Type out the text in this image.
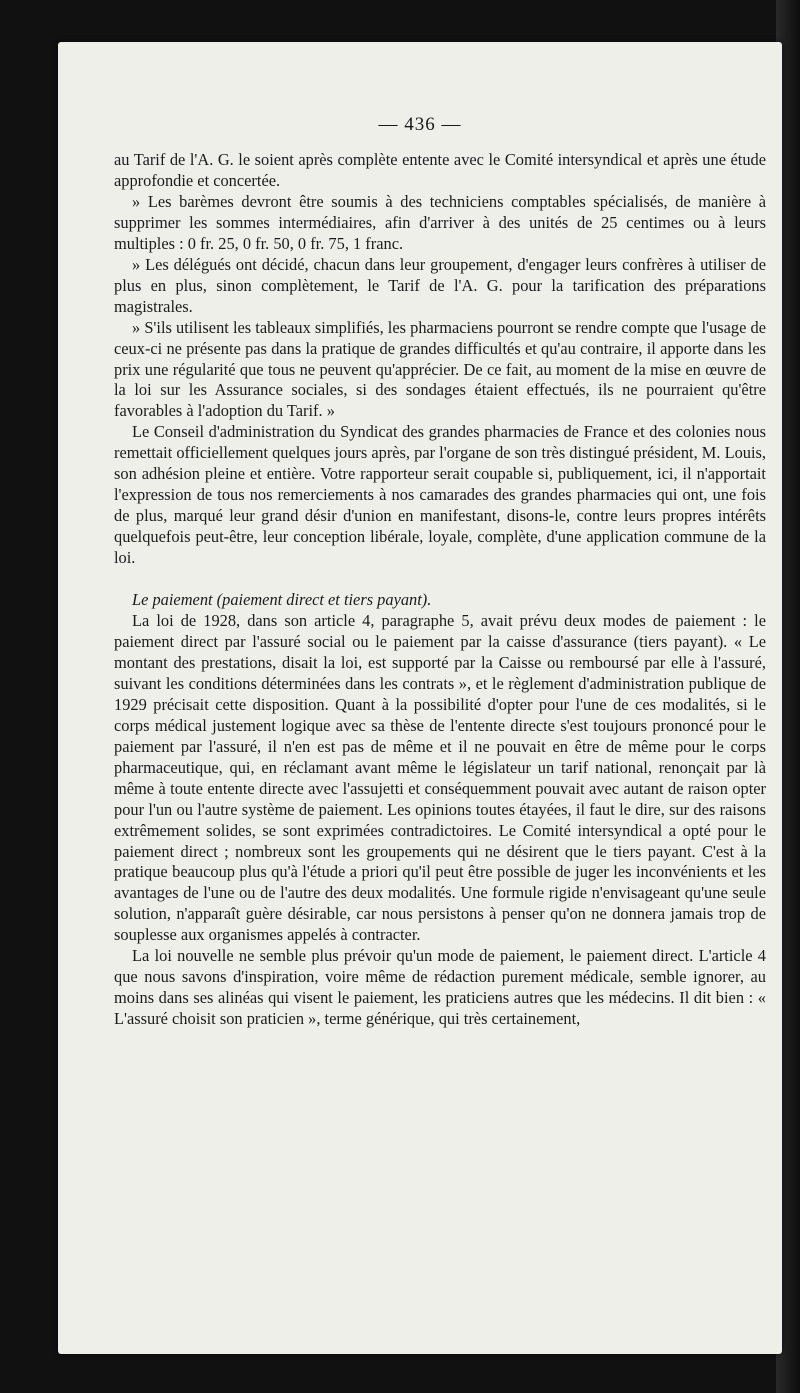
— 436 —

au Tarif de l'A. G. le soient après complète entente avec le Comité intersyndical et après une étude approfondie et concertée.

» Les barèmes devront être soumis à des techniciens comptables spécialisés, de manière à supprimer les sommes intermédiaires, afin d'arriver à des unités de 25 centimes ou à leurs multiples : 0 fr. 25, 0 fr. 50, 0 fr. 75, 1 franc.

» Les délégués ont décidé, chacun dans leur groupement, d'engager leurs confrères à utiliser de plus en plus, sinon complètement, le Tarif de l'A. G. pour la tarification des préparations magistrales.

» S'ils utilisent les tableaux simplifiés, les pharmaciens pourront se rendre compte que l'usage de ceux-ci ne présente pas dans la pratique de grandes difficultés et qu'au contraire, il apporte dans les prix une régularité que tous ne peuvent qu'apprécier. De ce fait, au moment de la mise en œuvre de la loi sur les Assurance sociales, si des sondages étaient effectués, ils ne pourraient qu'être favorables à l'adoption du Tarif. »

Le Conseil d'administration du Syndicat des grandes pharmacies de France et des colonies nous remettait officiellement quelques jours après, par l'organe de son très distingué président, M. Louis, son adhésion pleine et entière. Votre rapporteur serait coupable si, publiquement, ici, il n'apportait l'expression de tous nos remerciements à nos camarades des grandes pharmacies qui ont, une fois de plus, marqué leur grand désir d'union en manifestant, disons-le, contre leurs propres intérêts quelquefois peut-être, leur conception libérale, loyale, complète, d'une application commune de la loi.

Le paiement (paiement direct et tiers payant).

La loi de 1928, dans son article 4, paragraphe 5, avait prévu deux modes de paiement : le paiement direct par l'assuré social ou le paiement par la caisse d'assurance (tiers payant). « Le montant des prestations, disait la loi, est supporté par la Caisse ou remboursé par elle à l'assuré, suivant les conditions déterminées dans les contrats », et le règlement d'administration publique de 1929 précisait cette disposition. Quant à la possibilité d'opter pour l'une de ces modalités, si le corps médical justement logique avec sa thèse de l'entente directe s'est toujours prononcé pour le paiement par l'assuré, il n'en est pas de même et il ne pouvait en être de même pour le corps pharmaceutique, qui, en réclamant avant même le législateur un tarif national, renonçait par là même à toute entente directe avec l'assujetti et conséquemment pouvait avec autant de raison opter pour l'un ou l'autre système de paiement. Les opinions toutes étayées, il faut le dire, sur des raisons extrêmement solides, se sont exprimées contradictoires. Le Comité intersyndical a opté pour le paiement direct ; nombreux sont les groupements qui ne désirent que le tiers payant. C'est à la pratique beaucoup plus qu'à l'étude a priori qu'il peut être possible de juger les inconvénients et les avantages de l'une ou de l'autre des deux modalités. Une formule rigide n'envisageant qu'une seule solution, n'apparaît guère désirable, car nous persistons à penser qu'on ne donnera jamais trop de souplesse aux organismes appelés à contracter.

La loi nouvelle ne semble plus prévoir qu'un mode de paiement, le paiement direct. L'article 4 que nous savons d'inspiration, voire même de rédaction purement médicale, semble ignorer, au moins dans ses alinéas qui visent le paiement, les praticiens autres que les médecins. Il dit bien : « L'assuré choisit son praticien », terme générique, qui très certainement,
